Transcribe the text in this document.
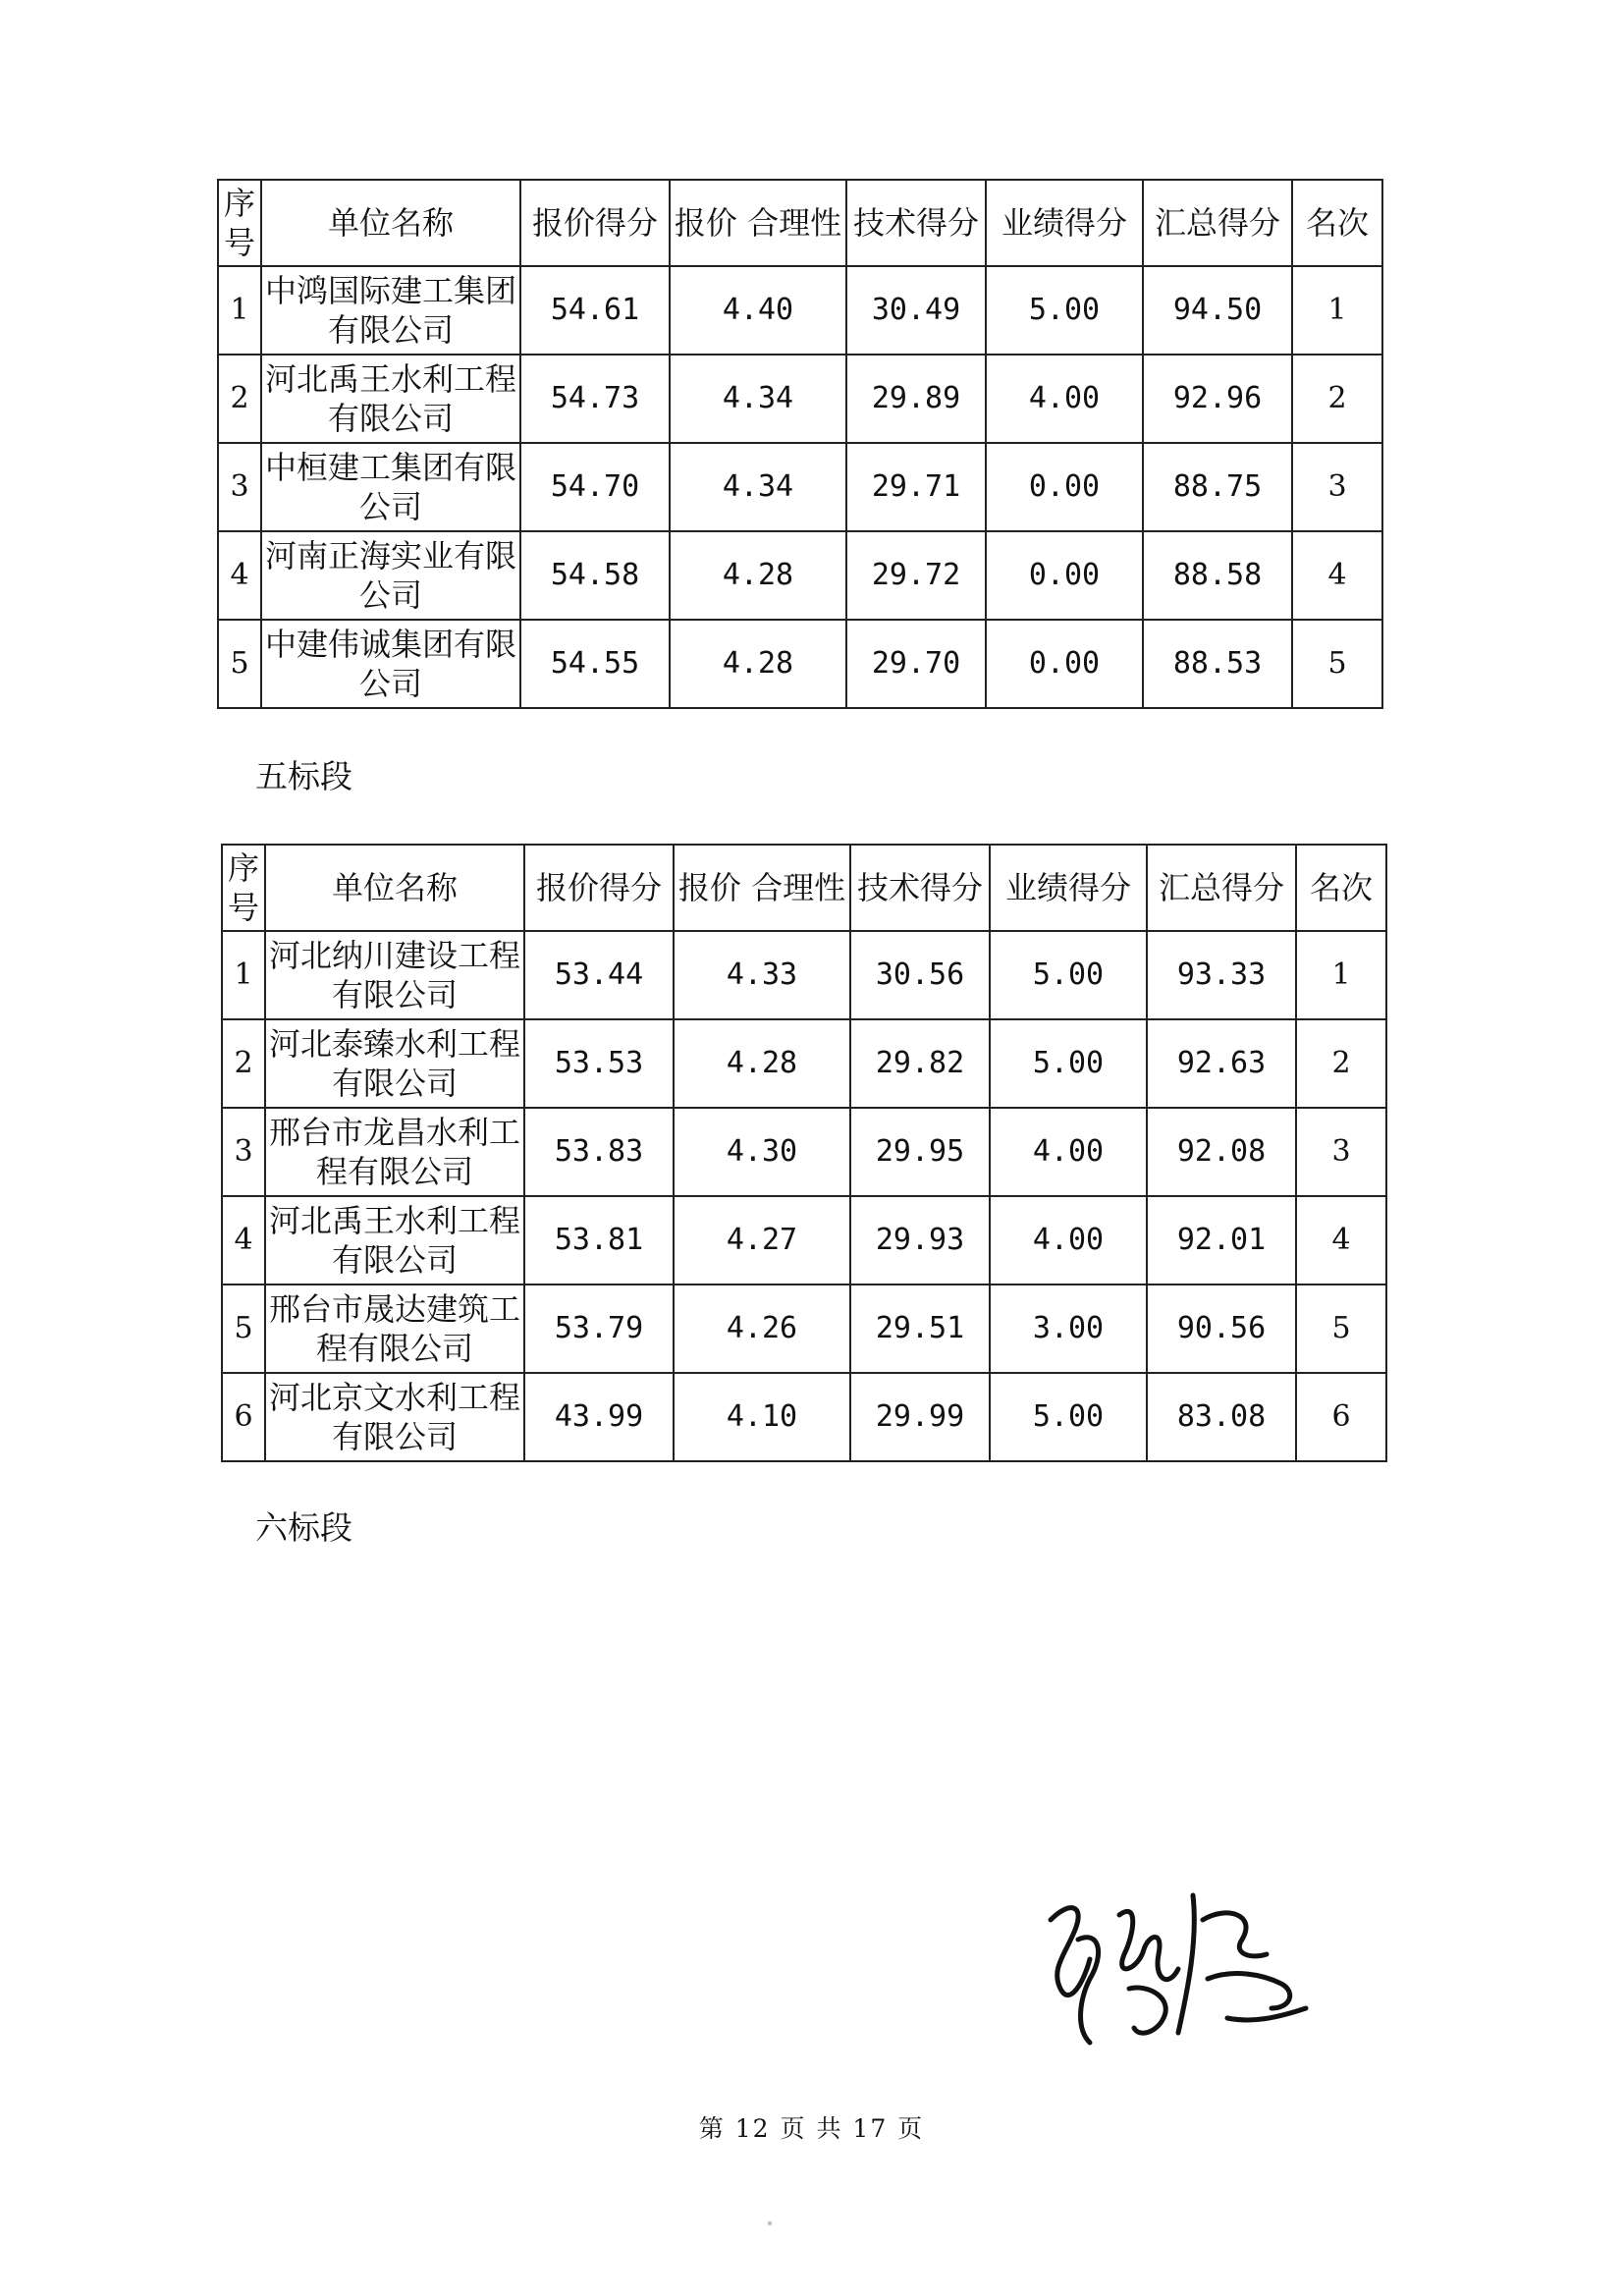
序号	单位名称	报价得分	报价 合理性	技术得分	业绩得分	汇总得分	名次
1	中鸿国际建工集团有限公司	54.61	4.40	30.49	5.00	94.50	1
2	河北禹王水利工程有限公司	54.73	4.34	29.89	4.00	92.96	2
3	中桓建工集团有限公司	54.70	4.34	29.71	0.00	88.75	3
4	河南正海实业有限公司	54.58	4.28	29.72	0.00	88.58	4
5	中建伟诚集团有限公司	54.55	4.28	29.70	0.00	88.53	5
五标段
序号	单位名称	报价得分	报价 合理性	技术得分	业绩得分	汇总得分	名次
1	河北纳川建设工程有限公司	53.44	4.33	30.56	5.00	93.33	1
2	河北泰臻水利工程有限公司	53.53	4.28	29.82	5.00	92.63	2
3	邢台市龙昌水利工程有限公司	53.83	4.30	29.95	4.00	92.08	3
4	河北禹王水利工程有限公司	53.81	4.27	29.93	4.00	92.01	4
5	邢台市晟达建筑工程有限公司	53.79	4.26	29.51	3.00	90.56	5
6	河北京文水利工程有限公司	43.99	4.10	29.99	5.00	83.08	6
六标段
第 12 页 共 17 页
